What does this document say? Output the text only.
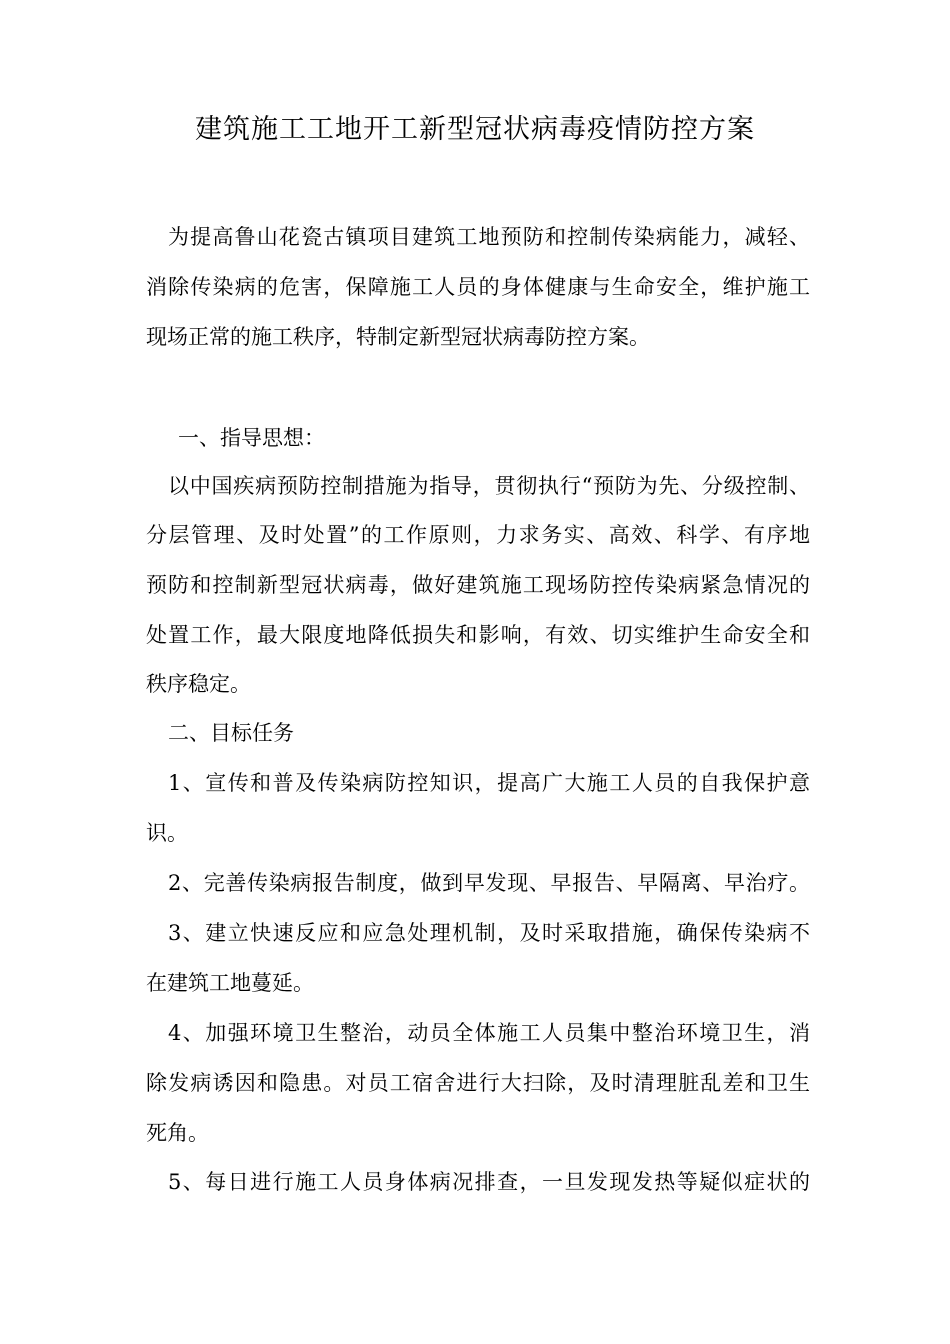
建筑施工工地开工新型冠状病毒疫情防控方案
为提高鲁山花瓷古镇项目建筑工地预防和控制传染病能力，减轻、
消除传染病的危害，保障施工人员的身体健康与生命安全，维护施工
现场正常的施工秩序，特制定新型冠状病毒防控方案。
一、指导思想：
以中国疾病预防控制措施为指导，贯彻执行“预防为先、分级控制、
分层管理、及时处置”的工作原则，力求务实、高效、科学、有序地
预防和控制新型冠状病毒，做好建筑施工现场防控传染病紧急情况的
处置工作，最大限度地降低损失和影响，有效、切实维护生命安全和
秩序稳定。
二、目标任务
1、宣传和普及传染病防控知识，提高广大施工人员的自我保护意
识。
2、完善传染病报告制度，做到早发现、早报告、早隔离、早治疗。
3、建立快速反应和应急处理机制，及时采取措施，确保传染病不
在建筑工地蔓延。
4、加强环境卫生整治，动员全体施工人员集中整治环境卫生，消
除发病诱因和隐患。对员工宿舍进行大扫除，及时清理脏乱差和卫生
死角。
5、每日进行施工人员身体病况排查，一旦发现发热等疑似症状的
